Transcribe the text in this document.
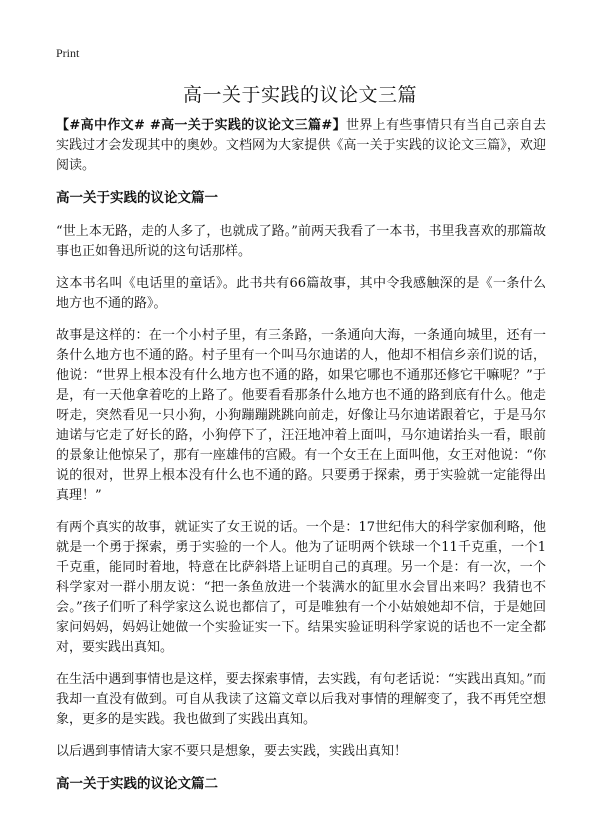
Print
高一关于实践的议论文三篇

【#高中作文# #高一关于实践的议论文三篇#】世界上有些事情只有当自己亲自去实践过才会发现其中的奥妙。文档网为大家提供《高一关于实践的议论文三篇》，欢迎阅读。

高一关于实践的议论文篇一

“世上本无路，走的人多了，也就成了路。”前两天我看了一本书，书里我喜欢的那篇故事也正如鲁迅所说的这句话那样。

这本书名叫《电话里的童话》。此书共有66篇故事，其中令我感触深的是《一条什么地方也不通的路》。

故事是这样的：在一个小村子里，有三条路，一条通向大海，一条通向城里，还有一条什么地方也不通的路。村子里有一个叫马尔迪诺的人，他却不相信乡亲们说的话，他说：“世界上根本没有什么地方也不通的路，如果它哪也不通那还修它干嘛呢？”于是，有一天他拿着吃的上路了。他要看看那条什么地方也不通的路到底有什么。他走呀走，突然看见一只小狗，小狗蹦蹦跳跳向前走，好像让马尔迪诺跟着它，于是马尔迪诺与它走了好长的路，小狗停下了，汪汪地冲着上面叫，马尔迪诺抬头一看，眼前的景象让他惊呆了，那有一座雄伟的宫殿。有一个女王在上面叫他，女王对他说：“你说的很对，世界上根本没有什么也不通的路。只要勇于探索，勇于实验就一定能得出真理！”

有两个真实的故事，就证实了女王说的话。一个是：17世纪伟大的科学家伽利略，他就是一个勇于探索，勇于实验的一个人。他为了证明两个铁球一个11千克重，一个1千克重，能同时着地，特意在比萨斜塔上证明自己的真理。另一个是：有一次，一个科学家对一群小朋友说：“把一条鱼放进一个装满水的缸里水会冒出来吗？我猜也不会。”孩子们听了科学家这么说也都信了，可是唯独有一个小姑娘她却不信，于是她回家问妈妈，妈妈让她做一个实验证实一下。结果实验证明科学家说的话也不一定全都对，要实践出真知。

在生活中遇到事情也是这样，要去探索事情，去实践，有句老话说：“实践出真知。”而我却一直没有做到。可自从我读了这篇文章以后我对事情的理解变了，我不再凭空想象，更多的是实践。我也做到了实践出真知。

以后遇到事情请大家不要只是想象，要去实践，实践出真知！

高一关于实践的议论文篇二
